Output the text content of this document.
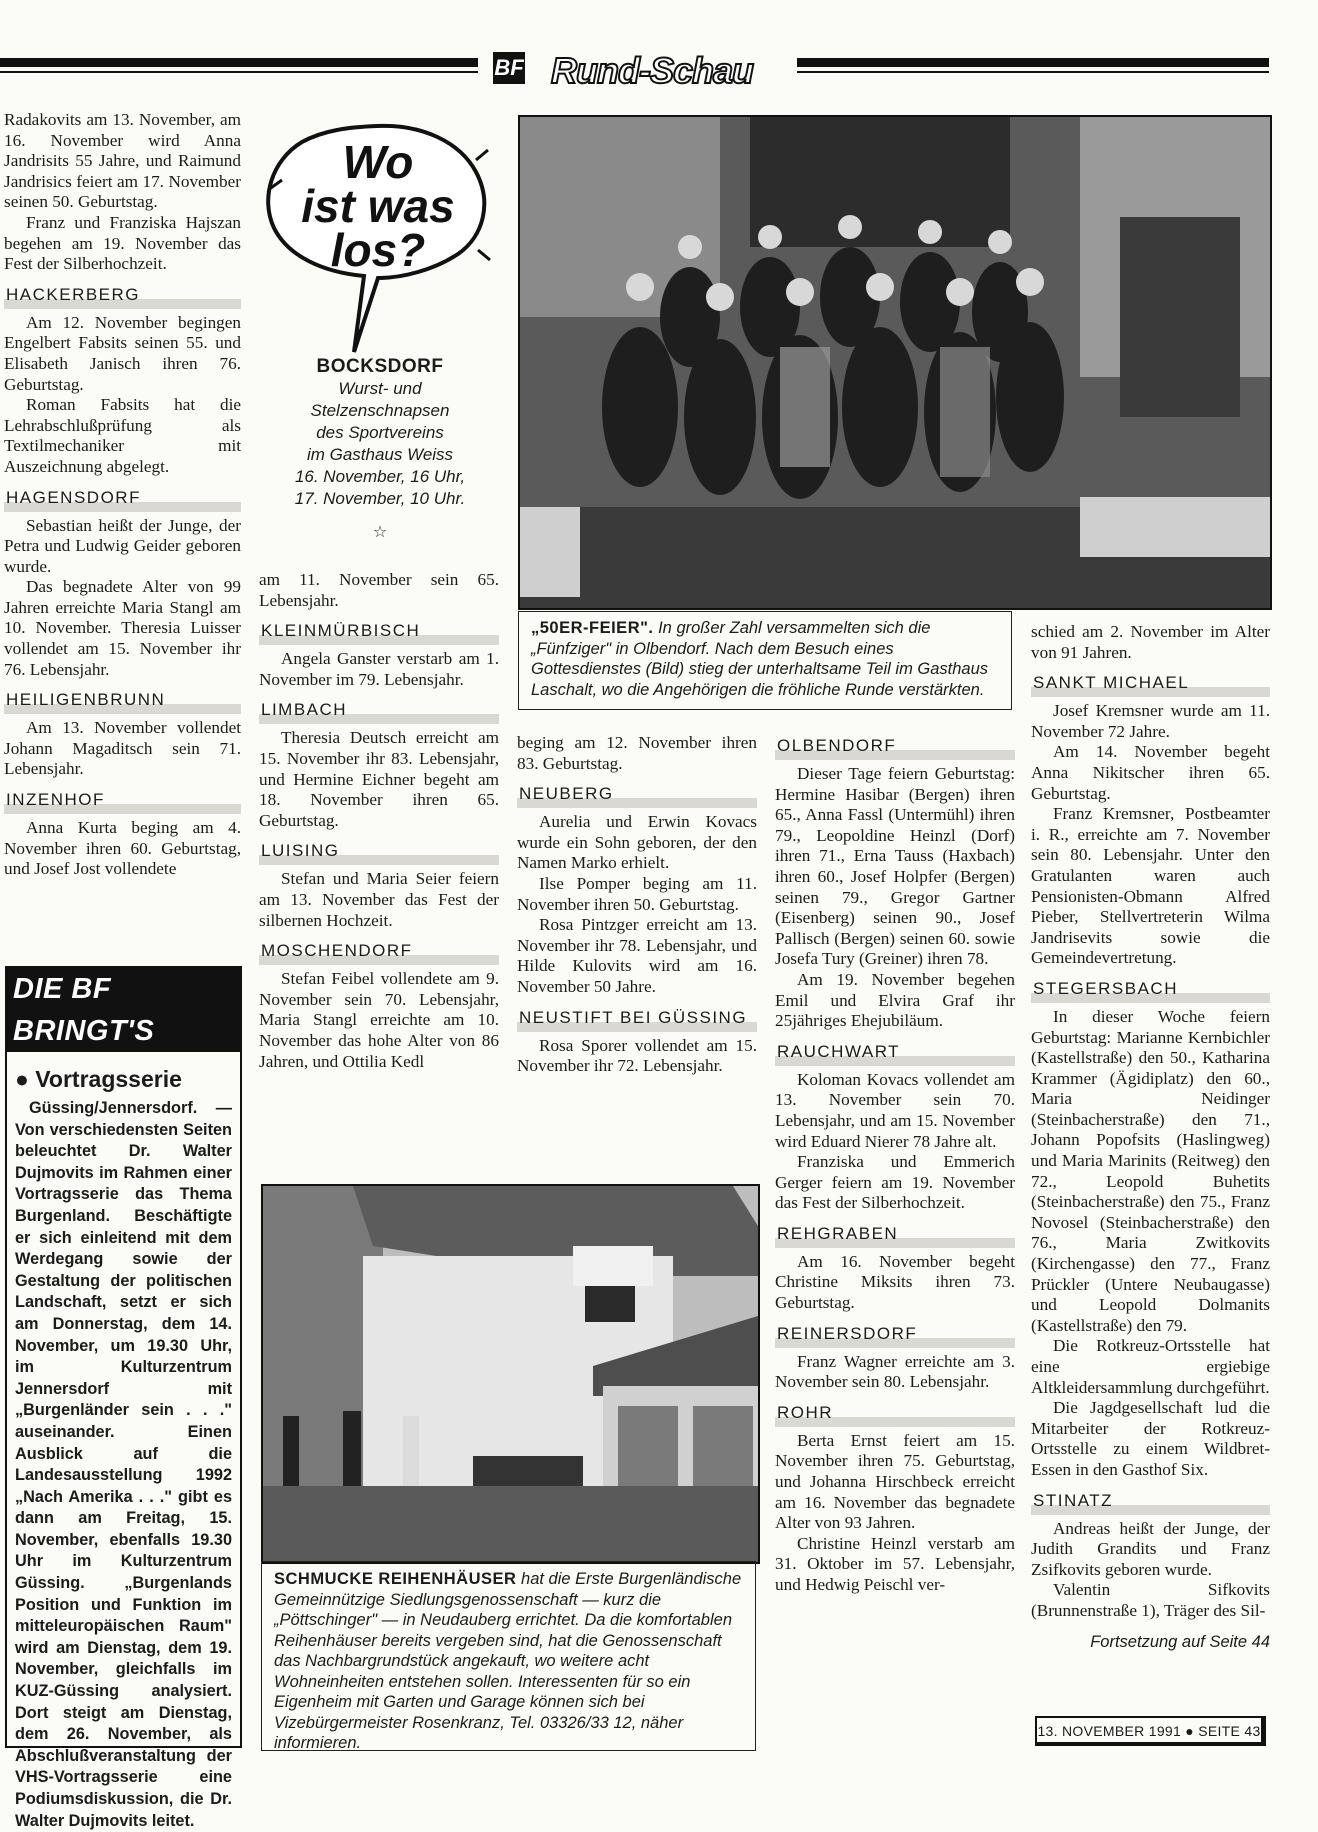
BF Rund-Schau

Radakovits am 13. November, am 16. November wird Anna Jandrisits 55 Jahre, und Raimund Jandrisics feiert am 17. November seinen 50. Geburtstag.

Franz und Franziska Hajszan begehen am 19. November das Fest der Silberhochzeit.

HACKERBERG

Am 12. November begingen Engelbert Fabsits seinen 55. und Elisabeth Janisch ihren 76. Geburtstag.

Roman Fabsits hat die Lehrabschlußprüfung als Textilmechaniker mit Auszeichnung abgelegt.

HAGENSDORF

Sebastian heißt der Junge, der Petra und Ludwig Geider geboren wurde.

Das begnadete Alter von 99 Jahren erreichte Maria Stangl am 10. November. Theresia Luisser vollendet am 15. November ihr 76. Lebensjahr.

HEILIGENBRUNN

Am 13. November vollendet Johann Magaditsch sein 71. Lebensjahr.

INZENHOF

Anna Kurta beging am 4. November ihren 60. Geburtstag, und Josef Jost vollendete

DIE BF BRINGT'S
● Vortragsserie
Güssing/Jennersdorf. — Von verschiedensten Seiten beleuchtet Dr. Walter Dujmovits im Rahmen einer Vortragsserie das Thema Burgenland. Beschäftigte er sich einleitend mit dem Werdegang sowie der Gestaltung der politischen Landschaft, setzt er sich am Donnerstag, dem 14. November, um 19.30 Uhr, im Kulturzentrum Jennersdorf mit „Burgenländer sein . . ." auseinander. Einen Ausblick auf die Landesausstellung 1992 „Nach Amerika . . ." gibt es dann am Freitag, 15. November, ebenfalls 19.30 Uhr im Kulturzentrum Güssing. „Burgenlands Position und Funktion im mitteleuropäischen Raum" wird am Dienstag, dem 19. November, gleichfalls im KUZ-Güssing analysiert. Dort steigt am Dienstag, dem 26. November, als Abschlußveranstaltung der VHS-Vortragsserie eine Podiumsdiskussion, die Dr. Walter Dujmovits leitet.
Wo
ist was
los?
BOCKSDORF
Wurst- und
Stelzenschnapsen
des Sportvereins
im Gasthaus Weiss
16. November, 16 Uhr,
17. November, 10 Uhr.
☆

am 11. November sein 65. Lebensjahr.

KLEINMÜRBISCH

Angela Ganster verstarb am 1. November im 79. Lebensjahr.

LIMBACH

Theresia Deutsch erreicht am 15. November ihr 83. Lebensjahr, und Hermine Eichner begeht am 18. November ihren 65. Geburtstag.

LUISING

Stefan und Maria Seier feiern am 13. November das Fest der silbernen Hochzeit.

MOSCHENDORF

Stefan Feibel vollendete am 9. November sein 70. Lebensjahr, Maria Stangl erreichte am 10. November das hohe Alter von 86 Jahren, und Ottilia Kedl

„50ER-FEIER". In großer Zahl versammelten sich die „Fünfziger" in Olbendorf. Nach dem Besuch eines Gottesdienstes (Bild) stieg der unterhaltsame Teil im Gasthaus Laschalt, wo die Angehörigen die fröhliche Runde verstärkten.

beging am 12. November ihren 83. Geburtstag.

NEUBERG

Aurelia und Erwin Kovacs wurde ein Sohn geboren, der den Namen Marko erhielt.

Ilse Pomper beging am 11. November ihren 50. Geburtstag.

Rosa Pintzger erreicht am 13. November ihr 78. Lebensjahr, und Hilde Kulovits wird am 16. November 50 Jahre.

NEUSTIFT BEI GÜSSING

Rosa Sporer vollendet am 15. November ihr 72. Lebensjahr.

SCHMUCKE REIHENHÄUSER hat die Erste Burgenländische Gemeinnützige Siedlungsgenossenschaft — kurz die „Pöttschinger" — in Neudauberg errichtet. Da die komfortablen Reihenhäuser bereits vergeben sind, hat die Genossenschaft das Nachbargrundstück angekauft, wo weitere acht Wohneinheiten entstehen sollen. Interessenten für so ein Eigenheim mit Garten und Garage können sich bei Vizebürgermeister Rosenkranz, Tel. 03326/33 12, näher informieren.
OLBENDORF

Dieser Tage feiern Geburtstag: Hermine Hasibar (Bergen) ihren 65., Anna Fassl (Untermühl) ihren 79., Leopoldine Heinzl (Dorf) ihren 71., Erna Tauss (Haxbach) ihren 60., Josef Holpfer (Bergen) seinen 79., Gregor Gartner (Eisenberg) seinen 90., Josef Pallisch (Bergen) seinen 60. sowie Josefa Tury (Greiner) ihren 78.

Am 19. November begehen Emil und Elvira Graf ihr 25jähriges Ehejubiläum.

RAUCHWART

Koloman Kovacs vollendet am 13. November sein 70. Lebensjahr, und am 15. November wird Eduard Nierer 78 Jahre alt.

Franziska und Emmerich Gerger feiern am 19. November das Fest der Silberhochzeit.

REHGRABEN

Am 16. November begeht Christine Miksits ihren 73. Geburtstag.

REINERSDORF

Franz Wagner erreichte am 3. November sein 80. Lebensjahr.

ROHR

Berta Ernst feiert am 15. November ihren 75. Geburtstag, und Johanna Hirschbeck erreicht am 16. November das begnadete Alter von 93 Jahren.

Christine Heinzl verstarb am 31. Oktober im 57. Lebensjahr, und Hedwig Peischl ver-

schied am 2. November im Alter von 91 Jahren.

SANKT MICHAEL

Josef Kremsner wurde am 11. November 72 Jahre.

Am 14. November begeht Anna Nikitscher ihren 65. Geburtstag.

Franz Kremsner, Postbeamter i. R., erreichte am 7. November sein 80. Lebensjahr. Unter den Gratulanten waren auch Pensionisten-Obmann Alfred Pieber, Stellvertreterin Wilma Jandrisevits sowie die Gemeindevertretung.

STEGERSBACH

In dieser Woche feiern Geburtstag: Marianne Kernbichler (Kastellstraße) den 50., Katharina Krammer (Ägidiplatz) den 60., Maria Neidinger (Steinbacherstraße) den 71., Johann Popofsits (Haslingweg) und Maria Marinits (Reitweg) den 72., Leopold Buhetits (Steinbacherstraße) den 75., Franz Novosel (Steinbacherstraße) den 76., Maria Zwitkovits (Kirchengasse) den 77., Franz Prückler (Untere Neubaugasse) und Leopold Dolmanits (Kastellstraße) den 79.

Die Rotkreuz-Ortsstelle hat eine ergiebige Altkleidersammlung durchgeführt.

Die Jagdgesellschaft lud die Mitarbeiter der Rotkreuz-Ortsstelle zu einem Wildbret-Essen in den Gasthof Six.

STINATZ

Andreas heißt der Junge, der Judith Grandits und Franz Zsifkovits geboren wurde.

Valentin Sifkovits (Brunnenstraße 1), Träger des Sil-

Fortsetzung auf Seite 44
13. NOVEMBER 1991 ● SEITE 43
